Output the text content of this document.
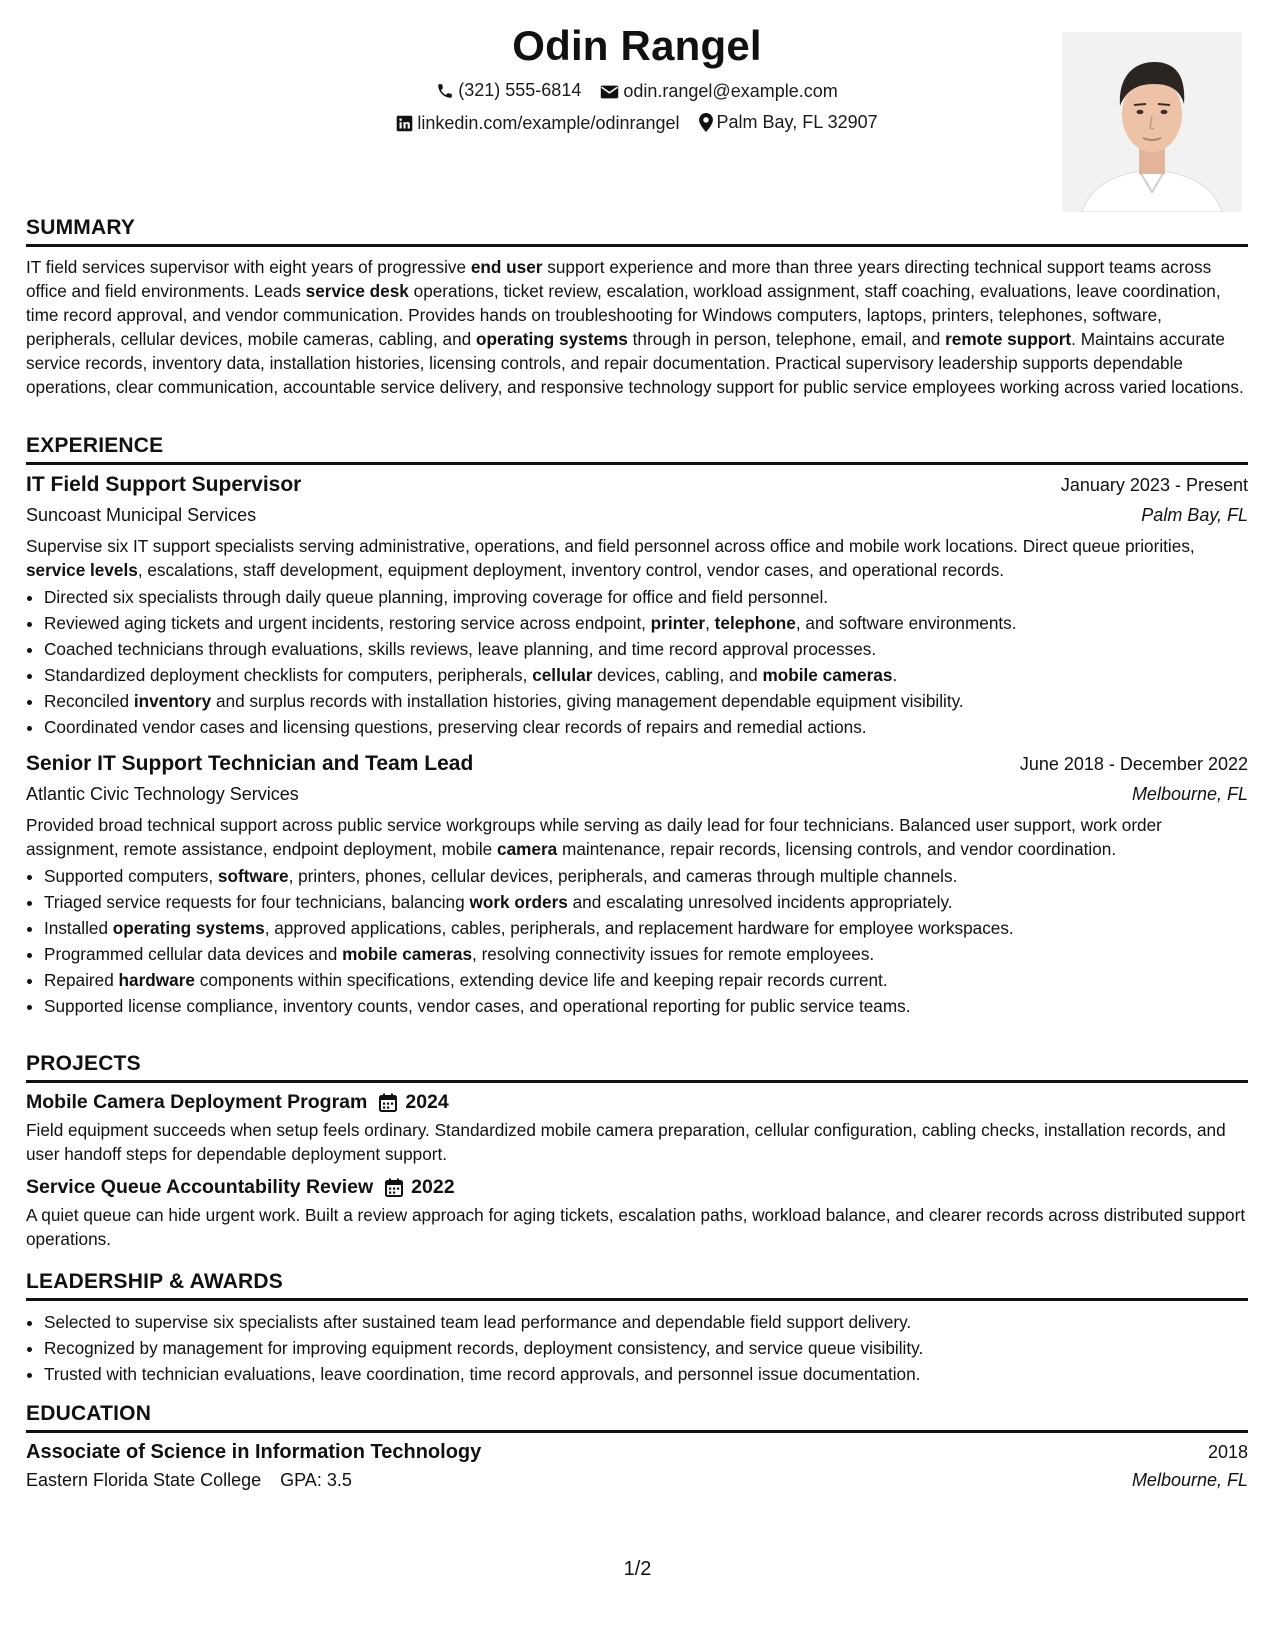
Odin Rangel
(321) 555-6814
odin.rangel@example.com
linkedin.com/example/odinrangel
Palm Bay, FL 32907
SUMMARY

IT field services supervisor with eight years of progressive end user support experience and more than three years directing technical support teams across office and field environments. Leads service desk operations, ticket review, escalation, workload assignment, staff coaching, evaluations, leave coordination, time record approval, and vendor communication. Provides hands on troubleshooting for Windows computers, laptops, printers, telephones, software, peripherals, cellular devices, mobile cameras, cabling, and operating systems through in person, telephone, email, and remote support. Maintains accurate service records, inventory data, installation histories, licensing controls, and repair documentation. Practical supervisory leadership supports dependable operations, clear communication, accountable service delivery, and responsive technology support for public service employees working across varied locations.

EXPERIENCE
IT Field Support Supervisor	January 2023 - Present
Suncoast Municipal Services	Palm Bay, FL

Supervise six IT support specialists serving administrative, operations, and field personnel across office and mobile work locations. Direct queue priorities, service levels, escalations, staff development, equipment deployment, inventory control, vendor cases, and operational records.

• Directed six specialists through daily queue planning, improving coverage for office and field personnel.
• Reviewed aging tickets and urgent incidents, restoring service across endpoint, printer, telephone, and software environments.
• Coached technicians through evaluations, skills reviews, leave planning, and time record approval processes.
• Standardized deployment checklists for computers, peripherals, cellular devices, cabling, and mobile cameras.
• Reconciled inventory and surplus records with installation histories, giving management dependable equipment visibility.
• Coordinated vendor cases and licensing questions, preserving clear records of repairs and remedial actions.
Senior IT Support Technician and Team Lead	June 2018 - December 2022
Atlantic Civic Technology Services	Melbourne, FL

Provided broad technical support across public service workgroups while serving as daily lead for four technicians. Balanced user support, work order assignment, remote assistance, endpoint deployment, mobile camera maintenance, repair records, licensing controls, and vendor coordination.

• Supported computers, software, printers, phones, cellular devices, peripherals, and cameras through multiple channels.
• Triaged service requests for four technicians, balancing work orders and escalating unresolved incidents appropriately.
• Installed operating systems, approved applications, cables, peripherals, and replacement hardware for employee workspaces.
• Programmed cellular data devices and mobile cameras, resolving connectivity issues for remote employees.
• Repaired hardware components within specifications, extending device life and keeping repair records current.
• Supported license compliance, inventory counts, vendor cases, and operational reporting for public service teams.
PROJECTS
Mobile Camera Deployment Program 2024

Field equipment succeeds when setup feels ordinary. Standardized mobile camera preparation, cellular configuration, cabling checks, installation records, and user handoff steps for dependable deployment support.

Service Queue Accountability Review 2022

A quiet queue can hide urgent work. Built a review approach for aging tickets, escalation paths, workload balance, and clearer records across distributed support operations.

LEADERSHIP & AWARDS
• Selected to supervise six specialists after sustained team lead performance and dependable field support delivery.
• Recognized by management for improving equipment records, deployment consistency, and service queue visibility.
• Trusted with technician evaluations, leave coordination, time record approvals, and personnel issue documentation.
EDUCATION
Associate of Science in Information Technology	2018
Eastern Florida State College GPA: 3.5	Melbourne, FL
1/2
